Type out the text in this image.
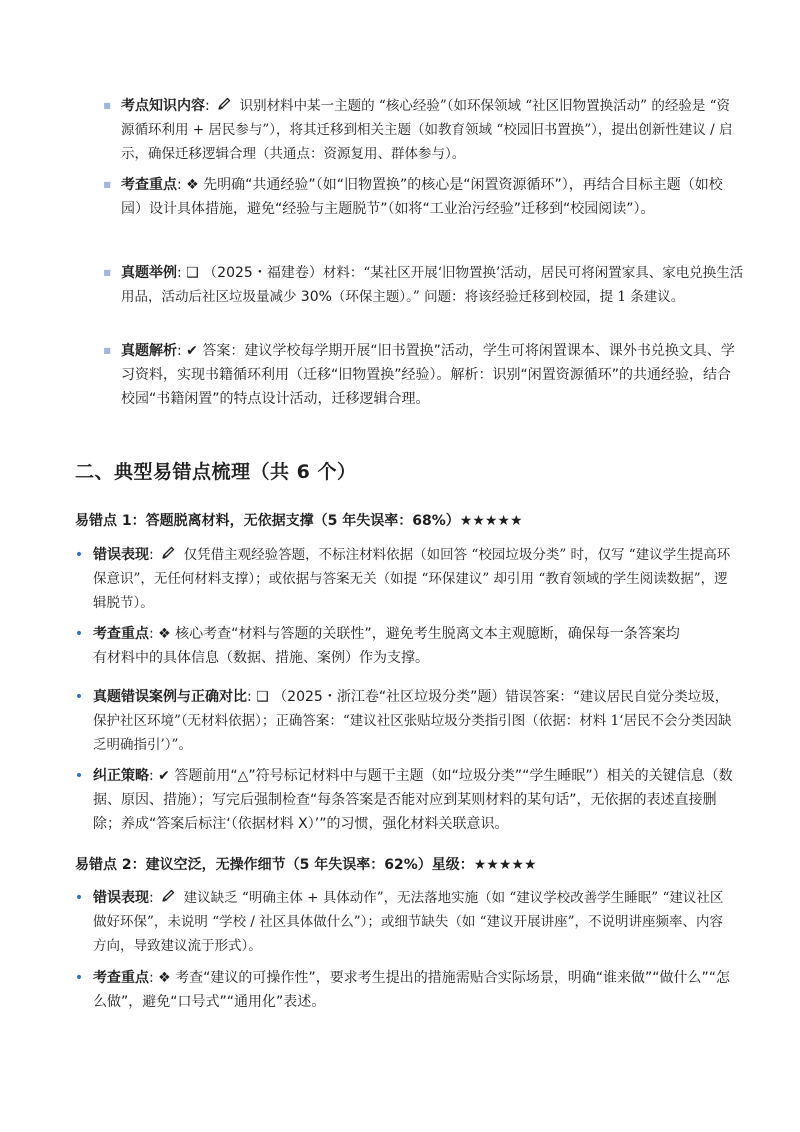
■ 考点知识内容: 识别材料中某一主题的 “核心经验”（如环保领域 “社区旧物置换活动” 的经验是 “资源循环利用 + 居民参与”），将其迁移到相关主题（如教育领域 “校园旧书置换”），提出创新性建议 / 启示，确保迁移逻辑合理（共通点：资源复用、群体参与）。
■ 考查重点: ❖ 先明确“共通经验”（如“旧物置换”的核心是“闲置资源循环”），再结合目标主题（如校园）设计具体措施，避免“经验与主题脱节”（如将“工业治污经验”迁移到“校园阅读”）。
■ 真题举例: ❑ （2025・福建卷）材料：“某社区开展‘旧物置换’活动，居民可将闲置家具、家电兑换生活用品，活动后社区垃圾量减少 30%（环保主题）。” 问题：将该经验迁移到校园，提 1 条建议。
■ 真题解析: ✔ 答案：建议学校每学期开展“旧书置换”活动，学生可将闲置课本、课外书兑换文具、学习资料，实现书籍循环利用（迁移“旧物置换”经验）。解析：识别“闲置资源循环”的共通经验，结合校园“书籍闲置”的特点设计活动，迁移逻辑合理。
二、典型易错点梳理（共 6 个）
易错点 1：答题脱离材料，无依据支撑（5 年失误率：68%）★★★★★
• 错误表现:  仅凭借主观经验答题，不标注材料依据（如回答 “校园垃圾分类” 时，仅写 “建议学生提高环保意识”，无任何材料支撑）；或依据与答案无关（如提 “环保建议” 却引用 “教育领域的学生阅读数据”，逻辑脱节）。
• 考查重点: ❖ 核心考查“材料与答题的关联性”，避免考生脱离文本主观臆断，确保每一条答案均
有材料中的具体信息（数据、措施、案例）作为支撑。
• 真题错误案例与正确对比: ❑ （2025・浙江卷“社区垃圾分类”题）错误答案：“建议居民自觉分类垃圾，保护社区环境”（无材料依据）；正确答案：“建议社区张贴垃圾分类指引图（依据：材料 1‘居民不会分类因缺乏明确指引’）”。
• 纠正策略: ✔ 答题前用“△”符号标记材料中与题干主题（如“垃圾分类”“学生睡眠”）相关的关键信息（数据、原因、措施）；写完后强制检查“每条答案是否能对应到某则材料的某句话”，无依据的表述直接删除；养成“答案后标注‘（依据材料 X）’”的习惯，强化材料关联意识。
易错点 2：建议空泛，无操作细节（5 年失误率：62%）星级：★★★★★
• 错误表现:  建议缺乏 “明确主体 + 具体动作”，无法落地实施（如 “建议学校改善学生睡眠” “建议社区做好环保”，未说明 “学校 / 社区具体做什么”）；或细节缺失（如 “建议开展讲座”，不说明讲座频率、内容方向，导致建议流于形式）。
• 考查重点: ❖ 考查“建议的可操作性”，要求考生提出的措施需贴合实际场景，明确“谁来做”“做什么”“怎么做”，避免“口号式”“通用化”表述。
